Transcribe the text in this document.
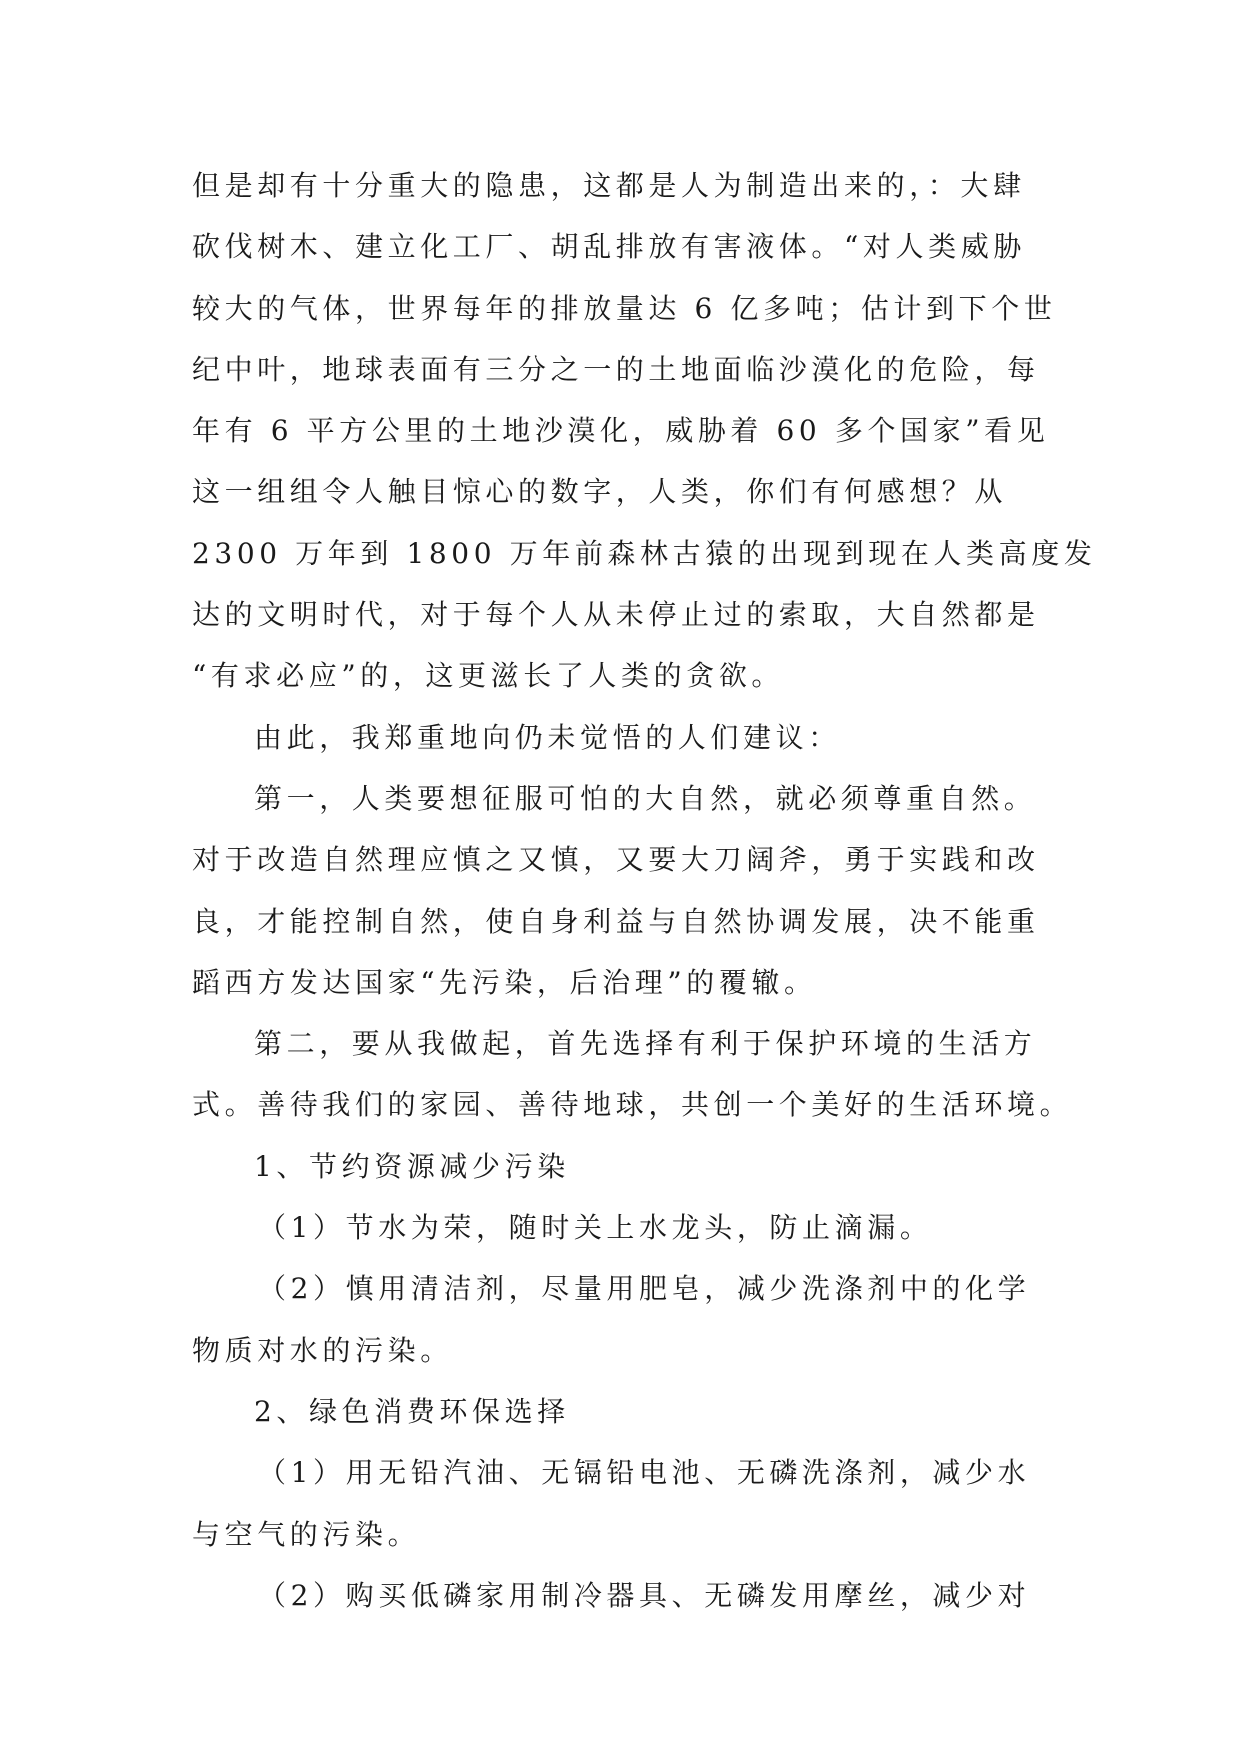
但是却有十分重大的隐患，这都是人为制造出来的，：大肆
砍伐树木、建立化工厂、胡乱排放有害液体。“对人类威胁
较大的气体，世界每年的排放量达 6 亿多吨；估计到下个世
纪中叶，地球表面有三分之一的土地面临沙漠化的危险，每
年有 6 平方公里的土地沙漠化，威胁着 60 多个国家”看见
这一组组令人触目惊心的数字，人类，你们有何感想？从
2300 万年到 1800 万年前森林古猿的出现到现在人类高度发
达的文明时代，对于每个人从未停止过的索取，大自然都是
“有求必应”的，这更滋长了人类的贪欲。
由此，我郑重地向仍未觉悟的人们建议：
第一，人类要想征服可怕的大自然，就必须尊重自然。
对于改造自然理应慎之又慎，又要大刀阔斧，勇于实践和改
良，才能控制自然，使自身利益与自然协调发展，决不能重
蹈西方发达国家“先污染，后治理”的覆辙。
第二，要从我做起，首先选择有利于保护环境的生活方
式。善待我们的家园、善待地球，共创一个美好的生活环境。
1、节约资源减少污染
（1）节水为荣，随时关上水龙头，防止滴漏。
（2）慎用清洁剂，尽量用肥皂，减少洗涤剂中的化学
物质对水的污染。
2、绿色消费环保选择
（1）用无铅汽油、无镉铅电池、无磷洗涤剂，减少水
与空气的污染。
（2）购买低磷家用制冷器具、无磷发用摩丝，减少对
